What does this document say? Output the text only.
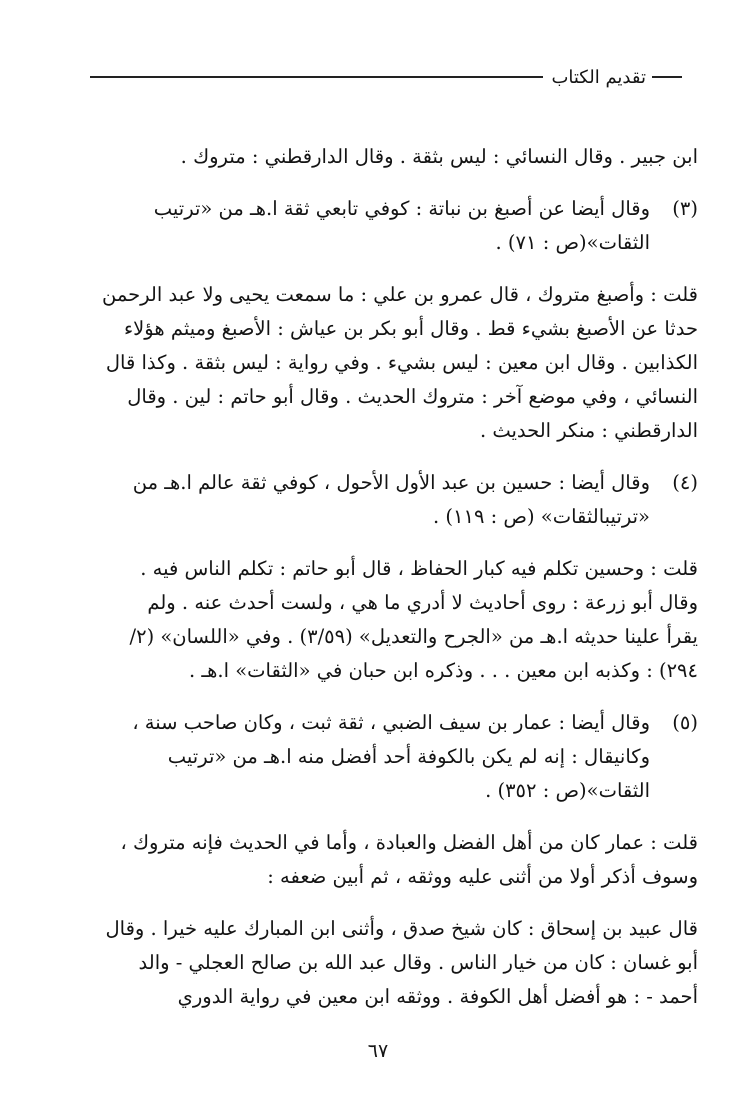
تقديم الكتاب
ابن جبير . وقال النسائي : ليس بثقة . وقال الدارقطني : متروك .
(٣)
وقال أيضا عن أصبغ بن نباتة : كوفي تابعي ثقة ا.هـ من «ترتيب الثقات»(ص : ٧١) .
قلت : وأصبغ متروك ، قال عمرو بن علي : ما سمعت يحيى ولا عبد الرحمن
حدثا عن الأصبغ بشيء قط . وقال أبو بكر بن عياش : الأصبغ وميثم هؤلاء
الكذابين . وقال ابن معين : ليس بشيء . وفي رواية : ليس بثقة . وكذا قال
النسائي ، وفي موضع آخر : متروك الحديث . وقال أبو حاتم : لين . وقال
الدارقطني : منكر الحديث .
(٤)
وقال أيضا : حسين بن عبد الأول الأحول ، كوفي ثقة عالم ا.هـ من «ترتيبالثقات» (ص : ١١٩) .
قلت : وحسين تكلم فيه كبار الحفاظ ، قال أبو حاتم : تكلم الناس فيه .
وقال أبو زرعة : روى أحاديث لا أدري ما هي ، ولست أحدث عنه . ولم
يقرأ علينا حديثه ا.هـ من «الجرح والتعديل» (٣/٥٩) . وفي «اللسان» (٢/
٢٩٤) : وكذبه ابن معين . . . وذكره ابن حبان في «الثقات» ا.هـ .
(٥)
وقال أيضا : عمار بن سيف الضبي ، ثقة ثبت ، وكان صاحب سنة ، وكانيقال : إنه لم يكن بالكوفة أحد أفضل منه ا.هـ من «ترتيب الثقات»(ص : ٣٥٢) .
قلت : عمار كان من أهل الفضل والعبادة ، وأما في الحديث فإنه متروك ،
وسوف أذكر أولا من أثنى عليه ووثقه ، ثم أبين ضعفه :
قال عبيد بن إسحاق : كان شيخ صدق ، وأثنى ابن المبارك عليه خيرا . وقال
أبو غسان : كان من خيار الناس . وقال عبد الله بن صالح العجلي - والد
أحمد - : هو أفضل أهل الكوفة . ووثقه ابن معين في رواية الدوري
٦٧
